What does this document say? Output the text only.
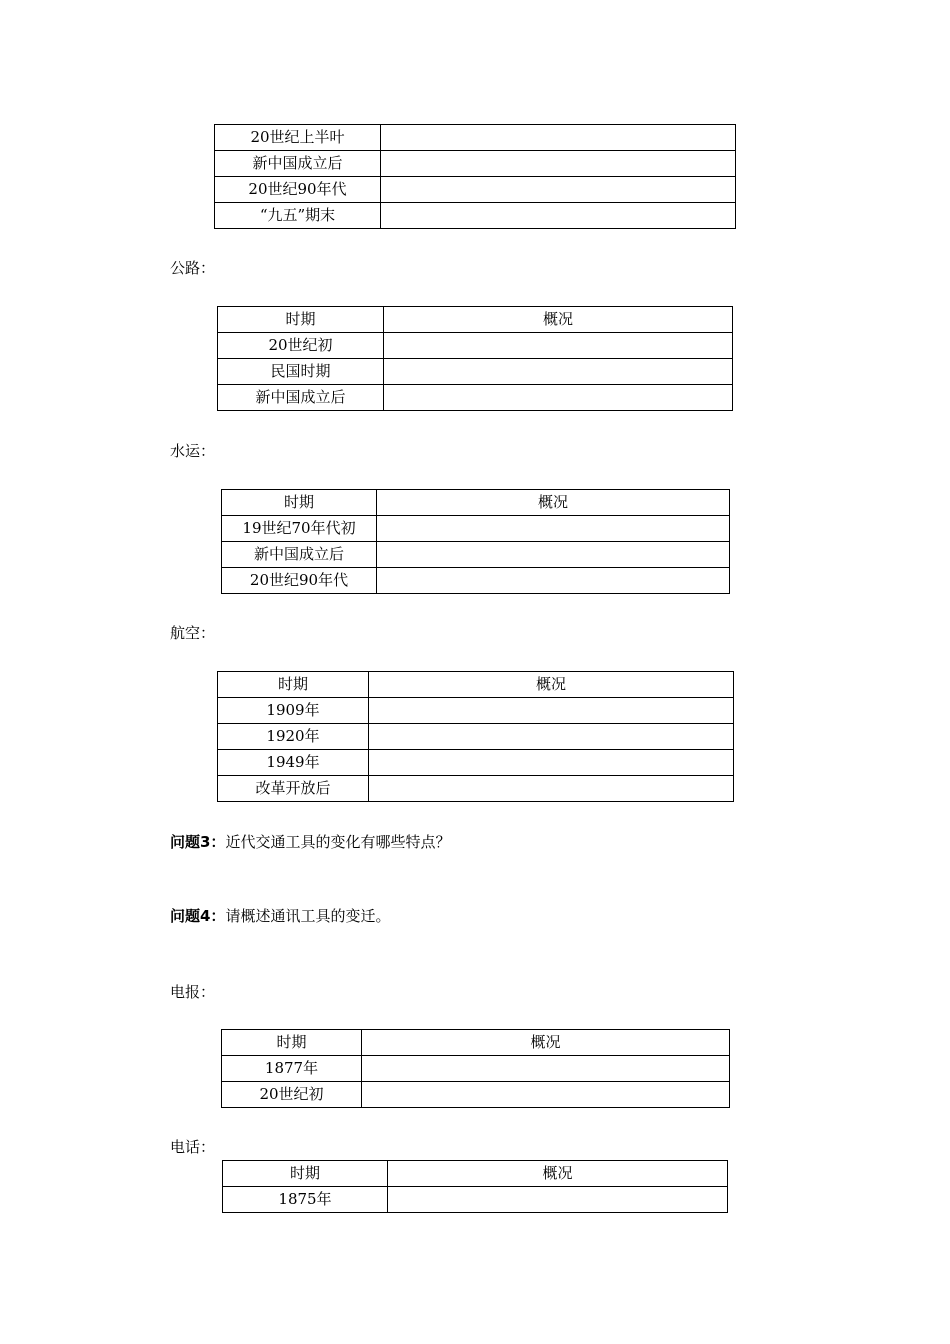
20世纪上半叶	
新中国成立后	
20世纪90年代	
“九五”期末	
公路：
时期	概况
20世纪初	
民国时期	
新中国成立后	
水运：
时期	概况
19世纪70年代初	
新中国成立后	
20世纪90年代	
航空：
时期	概况
1909年	
1920年	
1949年	
改革开放后	
问题3：近代交通工具的变化有哪些特点？
问题4：请概述通讯工具的变迁。
电报：
时期	概况
1877年	
20世纪初	
电话：
时期	概况
1875年	
